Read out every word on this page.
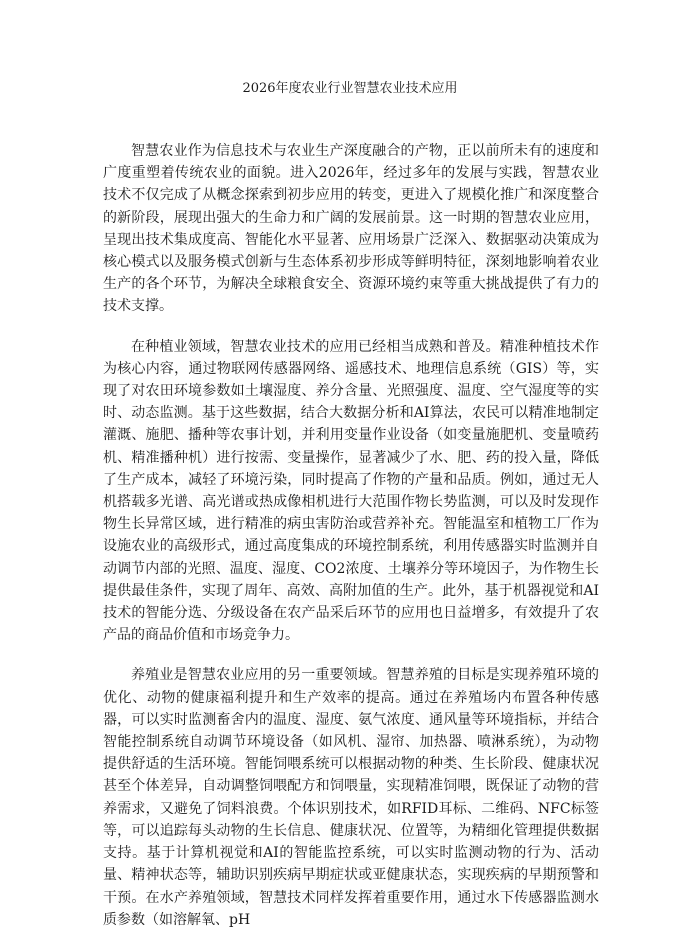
2026年度农业行业智慧农业技术应用

智慧农业作为信息技术与农业生产深度融合的产物，正以前所未有的速度和广度重塑着传统农业的面貌。进入2026年，经过多年的发展与实践，智慧农业技术不仅完成了从概念探索到初步应用的转变，更进入了规模化推广和深度整合的新阶段，展现出强大的生命力和广阔的发展前景。这一时期的智慧农业应用，呈现出技术集成度高、智能化水平显著、应用场景广泛深入、数据驱动决策成为核心模式以及服务模式创新与生态体系初步形成等鲜明特征，深刻地影响着农业生产的各个环节，为解决全球粮食安全、资源环境约束等重大挑战提供了有力的技术支撑。

在种植业领域，智慧农业技术的应用已经相当成熟和普及。精准种植技术作为核心内容，通过物联网传感器网络、遥感技术、地理信息系统（GIS）等，实现了对农田环境参数如土壤湿度、养分含量、光照强度、温度、空气湿度等的实时、动态监测。基于这些数据，结合大数据分析和AI算法，农民可以精准地制定灌溉、施肥、播种等农事计划，并利用变量作业设备（如变量施肥机、变量喷药机、精准播种机）进行按需、变量操作，显著减少了水、肥、药的投入量，降低了生产成本，减轻了环境污染，同时提高了作物的产量和品质。例如，通过无人机搭载多光谱、高光谱或热成像相机进行大范围作物长势监测，可以及时发现作物生长异常区域，进行精准的病虫害防治或营养补充。智能温室和植物工厂作为设施农业的高级形式，通过高度集成的环境控制系统，利用传感器实时监测并自动调节内部的光照、温度、湿度、CO2浓度、土壤养分等环境因子，为作物生长提供最佳条件，实现了周年、高效、高附加值的生产。此外，基于机器视觉和AI技术的智能分选、分级设备在农产品采后环节的应用也日益增多，有效提升了农产品的商品价值和市场竞争力。

养殖业是智慧农业应用的另一重要领域。智慧养殖的目标是实现养殖环境的优化、动物的健康福利提升和生产效率的提高。通过在养殖场内布置各种传感器，可以实时监测畜舍内的温度、湿度、氨气浓度、通风量等环境指标，并结合智能控制系统自动调节环境设备（如风机、湿帘、加热器、喷淋系统），为动物提供舒适的生活环境。智能饲喂系统可以根据动物的种类、生长阶段、健康状况甚至个体差异，自动调整饲喂配方和饲喂量，实现精准饲喂，既保证了动物的营养需求，又避免了饲料浪费。个体识别技术，如RFID耳标、二维码、NFC标签等，可以追踪每头动物的生长信息、健康状况、位置等，为精细化管理提供数据支持。基于计算机视觉和AI的智能监控系统，可以实时监测动物的行为、活动量、精神状态等，辅助识别疾病早期症状或亚健康状态，实现疾病的早期预警和干预。在水产养殖领域，智慧技术同样发挥着重要作用，通过水下传感器监测水质参数（如溶解氧、pH
